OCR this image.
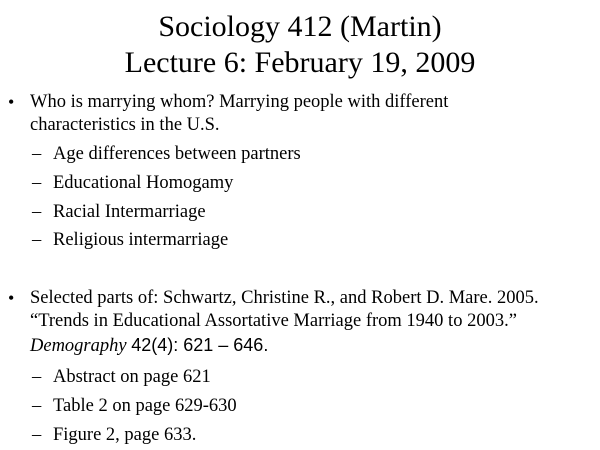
Sociology 412 (Martin)
Lecture 6: February 19, 2009
• Who is marrying whom? Marrying people with different
characteristics in the U.S.
– Age differences between partners
– Educational Homogamy
– Racial Intermarriage
– Religious intermarriage
• Selected parts of: Schwartz, Christine R., and Robert D. Mare. 2005.
“Trends in Educational Assortative Marriage from 1940 to 2003.”
Demography 42(4): 621 – 646.
– Abstract on page 621
– Table 2 on page 629-630
– Figure 2, page 633.
